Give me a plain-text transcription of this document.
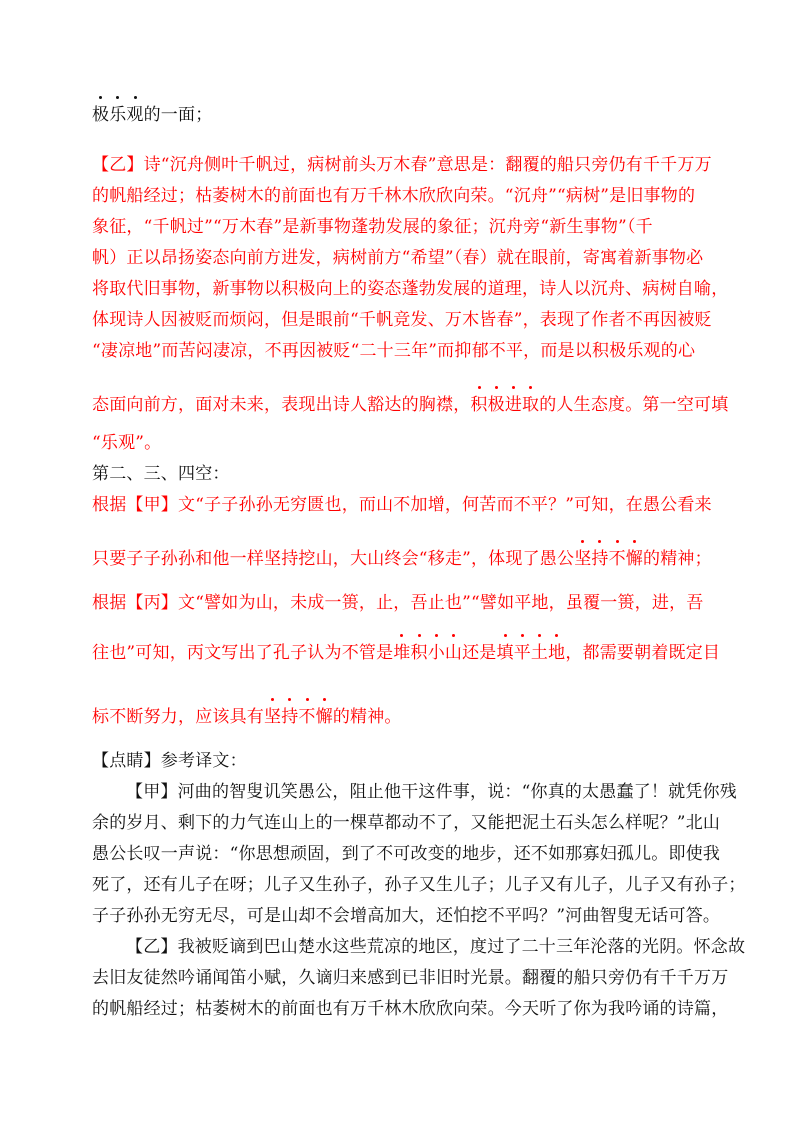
极乐观的一面；
【乙】诗“沉舟侧叶千帆过，病树前头万木春”意思是：翻覆的船只旁仍有千千万万
的帆船经过；枯萎树木的前面也有万千林木欣欣向荣。“沉舟”“病树”是旧事物的
象征，“千帆过”“万木春”是新事物蓬勃发展的象征；沉舟旁“新生事物”（千
帆）正以昂扬姿态向前方进发，病树前方“希望”（春）就在眼前，寄寓着新事物必
将取代旧事物，新事物以积极向上的姿态蓬勃发展的道理，诗人以沉舟、病树自喻，
体现诗人因被贬而烦闷，但是眼前“千帆竞发、万木皆春”，表现了作者不再因被贬
“凄凉地”而苦闷凄凉，不再因被贬“二十三年”而抑郁不平，而是以积极乐观的心
态面向前方，面对未来，表现出诗人豁达的胸襟，积极进取的人生态度。第一空可填
“乐观”。
第二、三、四空：
根据【甲】文“子子孙孙无穷匮也，而山不加增，何苦而不平？”可知，在愚公看来
只要子子孙孙和他一样坚持挖山，大山终会“移走”，体现了愚公坚持不懈的精神；
根据【丙】文“譬如为山，未成一篑，止，吾止也”“譬如平地，虽覆一篑，进，吾
往也”可知，丙文写出了孔子认为不管是堆积小山还是填平土地，都需要朝着既定目
标不断努力，应该具有坚持不懈的精神。
【点睛】参考译文：
【甲】河曲的智叟讥笑愚公，阻止他干这件事，说：“你真的太愚蠢了！就凭你残
余的岁月、剩下的力气连山上的一棵草都动不了，又能把泥土石头怎么样呢？”北山
愚公长叹一声说：“你思想顽固，到了不可改变的地步，还不如那寡妇孤儿。即使我
死了，还有儿子在呀；儿子又生孙子，孙子又生儿子；儿子又有儿子，儿子又有孙子；
子子孙孙无穷无尽，可是山却不会增高加大，还怕挖不平吗？”河曲智叟无话可答。
【乙】我被贬谪到巴山楚水这些荒凉的地区，度过了二十三年沦落的光阴。怀念故
去旧友徒然吟诵闻笛小赋，久谪归来感到已非旧时光景。翻覆的船只旁仍有千千万万
的帆船经过；枯萎树木的前面也有万千林木欣欣向荣。今天听了你为我吟诵的诗篇，
